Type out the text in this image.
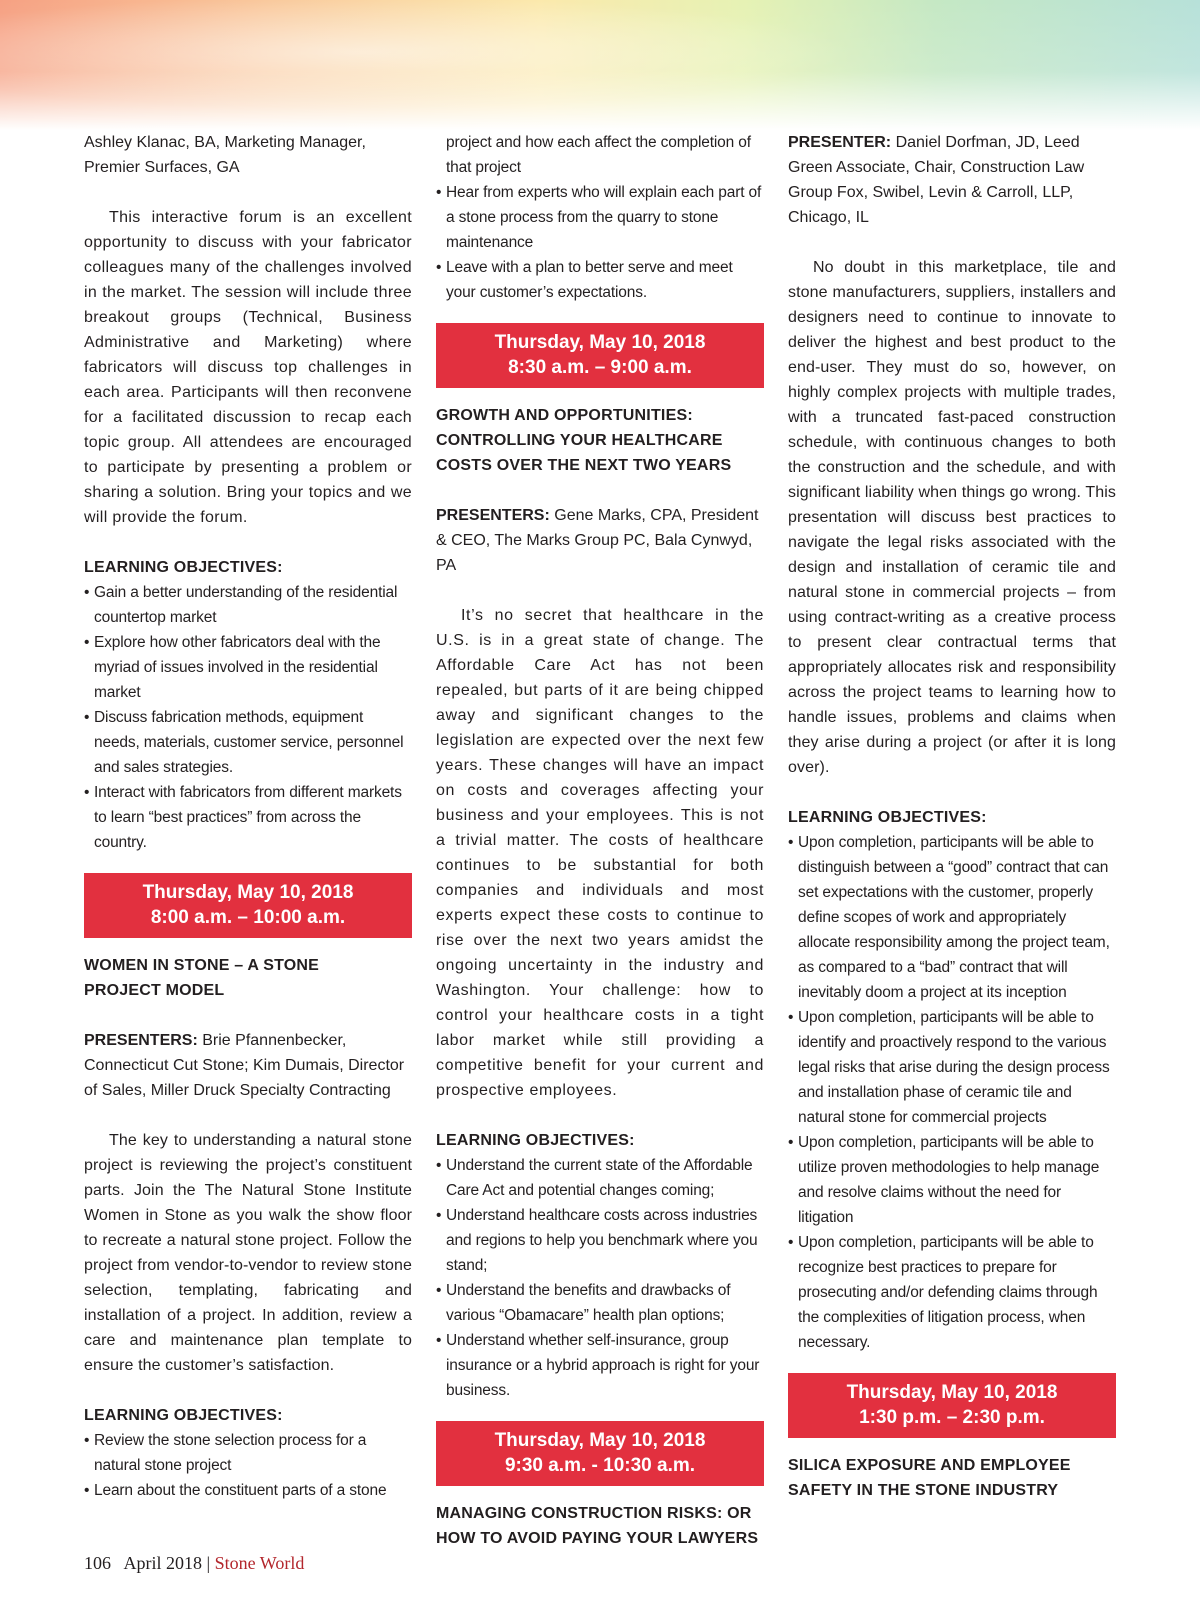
Ashley Klanac, BA, Marketing Manager,

Premier Surfaces, GA

This interactive forum is an excellent opportunity to discuss with your fabricator colleagues many of the challenges involved in the market. The session will include three breakout groups (Technical, Business Administrative and Marketing) where fabricators will discuss top challenges in each area. Participants will then reconvene for a facilitated discussion to recap each topic group. All attendees are encouraged to participate by presenting a problem or sharing a solution. Bring your topics and we will provide the forum.

LEARNING OBJECTIVES:

• Gain a better understanding of the residential countertop market
• Explore how other fabricators deal with the myriad of issues involved in the residential market
• Discuss fabrication methods, equipment needs, materials, customer service, personnel and sales strategies.
• Interact with fabricators from different markets to learn “best practices” from across the country.
Thursday, May 10, 2018
8:00 a.m. – 10:00 a.m.

WOMEN IN STONE – A STONE

PROJECT MODEL

PRESENTERS: Brie Pfannenbecker, Connecticut Cut Stone; Kim Dumais, Director of Sales, Miller Druck Specialty Contracting

The key to understanding a natural stone project is reviewing the project’s constituent parts. Join the The Natural Stone Institute Women in Stone as you walk the show floor to recreate a natural stone project. Follow the project from vendor-to-vendor to review stone selection, templating, fabricating and installation of a project. In addition, review a care and maintenance plan template to ensure the customer’s satisfaction.

LEARNING OBJECTIVES:

• Review the stone selection process for a natural stone project
• Learn about the constituent parts of a stone
project and how each affect the completion of that project
• Hear from experts who will explain each part of a stone process from the quarry to stone maintenance
• Leave with a plan to better serve and meet your customer’s expectations.
Thursday, May 10, 2018
8:30 a.m. – 9:00 a.m.

GROWTH AND OPPORTUNITIES:

CONTROLLING YOUR HEALTHCARE

COSTS OVER THE NEXT TWO YEARS

PRESENTERS: Gene Marks, CPA, President & CEO, The Marks Group PC, Bala Cynwyd, PA

It’s no secret that healthcare in the U.S. is in a great state of change. The Affordable Care Act has not been repealed, but parts of it are being chipped away and significant changes to the legislation are expected over the next few years. These changes will have an impact on costs and coverages affecting your business and your employees. This is not a trivial matter. The costs of healthcare continues to be substantial for both companies and individuals and most experts expect these costs to continue to rise over the next two years amidst the ongoing uncertainty in the industry and Washington. Your challenge: how to control your healthcare costs in a tight labor market while still providing a competitive benefit for your current and prospective employees.

LEARNING OBJECTIVES:

• Understand the current state of the Affordable Care Act and potential changes coming;
• Understand healthcare costs across industries and regions to help you benchmark where you stand;
• Understand the benefits and drawbacks of various “Obamacare” health plan options;
• Understand whether self-insurance, group insurance or a hybrid approach is right for your business.
Thursday, May 10, 2018
9:30 a.m. - 10:30 a.m.

MANAGING CONSTRUCTION RISKS: OR

HOW TO AVOID PAYING YOUR LAWYERS

PRESENTER: Daniel Dorfman, JD, Leed Green Associate, Chair, Construction Law Group Fox, Swibel, Levin & Carroll, LLP, Chicago, IL

No doubt in this marketplace, tile and stone manufacturers, suppliers, installers and designers need to continue to innovate to deliver the highest and best product to the end-user. They must do so, however, on highly complex projects with multiple trades, with a truncated fast-paced construction schedule, with continuous changes to both the construction and the schedule, and with significant liability when things go wrong. This presentation will discuss best practices to navigate the legal risks associated with the design and installation of ceramic tile and natural stone in commercial projects – from using contract-writing as a creative process to present clear contractual terms that appropriately allocates risk and responsibility across the project teams to learning how to handle issues, problems and claims when they arise during a project (or after it is long over).

LEARNING OBJECTIVES:

• Upon completion, participants will be able to distinguish between a “good” contract that can set expectations with the customer, properly define scopes of work and appropriately allocate responsibility among the project team, as compared to a “bad” contract that will inevitably doom a project at its inception
• Upon completion, participants will be able to identify and proactively respond to the various legal risks that arise during the design process and installation phase of ceramic tile and natural stone for commercial projects
• Upon completion, participants will be able to utilize proven methodologies to help manage and resolve claims without the need for litigation
• Upon completion, participants will be able to recognize best practices to prepare for prosecuting and/or defending claims through the complexities of litigation process, when necessary.
Thursday, May 10, 2018
1:30 p.m. – 2:30 p.m.

SILICA EXPOSURE AND EMPLOYEE

SAFETY IN THE STONE INDUSTRY

106 April 2018 | Stone World
